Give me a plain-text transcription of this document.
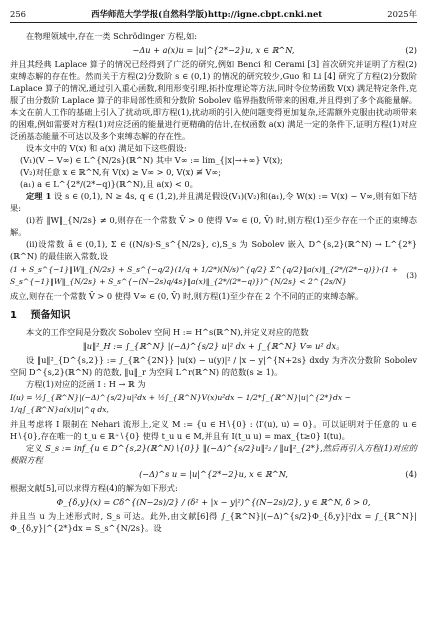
256	西华师范大学学报(自然科学版)http://igne.cbpt.cnki.net	2025年

在物理领域中,存在一类 Schrödinger 方程,如:

−Δu + a(x)u = |u|^{2*−2}u, x ∈ ℝ^N,	(2)

并且其经典 Laplace 算子的情况已经得到了广泛的研究,例如 Benci 和 Cerami [3] 首次研究并证明了方程(2)束缚态解的存在性。然而关于方程(2)分数阶 s ∈ (0,1) 的情况的研究较少,Guo 和 Li [4] 研究了方程(2)分数阶 Laplace 算子的情况,通过引入重心函数,利用形变引理,拓扑度理论等方法,同时令位势函数 V(x) 满足特定条件,克服了由分数阶 Laplace 算子的非局部性质和分数阶 Sobolev 临界指数所带来的困难,并且得到了多个高能量解。本文在前人工作的基础上引入了扰动项,即方程(1),扰动项的引入使问题变得更加复杂,还需额外克服由扰动项带来的困难,例如需要对方程(1)对应泛函的能量进行更精确的估计,在权函数 a(x) 满足一定的条件下,证明方程(1)对应泛函基态能量不可达以及多个束缚态解的存在性。

设本文中的 V(x) 和 a(x) 满足如下这些假设:

(V₁)(V − V∞) ∈ L^{N/2s}(ℝ^N) 其中 V∞ := lim_{|x|→+∞} V(x);

(V₂)对任意 x ∈ ℝ^N,有 V(x) ≥ V∞ > 0, V(x) ≢ V∞;

(a₁) a ∈ L^{2*/(2*−q)}(ℝ^N),且 a(x) < 0。

定理 1 设 s ∈ (0,1), N ≥ 4s, q ∈ (1,2),并且满足假设(V₁)(V₂)和(a₁),令 W(x) := V(x) − V∞,则有如下结果:

(i)若 ‖W‖_{N/2s} ≠ 0,则存在一个常数 V̄ > 0 使得 V∞ ∈ (0, V̄) 时,则方程(1)至少存在一个正的束缚态解。

(ii)设常数 ā ∈ (0,1), Σ ∈ ((N/s)·S_s^{N/2s}, c),S_s 为 Sobolev 嵌入 D^{s,2}(ℝ^N) → L^{2*}(ℝ^N) 的最佳嵌入常数,设

(1 + S_s^{−1}‖W‖_{N/2s} + S_s^{−q/2}(1/q + 1/2*)(N/s)^{q/2} Σ^{q/2}‖a(x)‖_{2*/(2*−q)})·(1 + S_s^{−1}‖W‖_{N/2s} + S_s^{−(N−2s)q/4s}‖a(x)‖_{2*/(2*−q)})^{N/2s} < 2^{2s/N}
(3)

成立,则存在一个常数 V̄ > 0 使得 V∞ ∈ (0, V̄) 时,则方程(1)至少存在 2 个不同的正的束缚态解。

1 预备知识

本文的工作空间是分数次 Sobolev 空间 H := H^s(ℝ^N),并定义对应的范数

‖u‖²_H := ∫_{ℝ^N} |(−Δ)^{s/2} u|² dx + ∫_{ℝ^N} V∞ u² dx。

设 ‖u‖²_{D^{s,2}} := ∫_{ℝ^{2N}} |u(x) − u(y)|² / |x − y|^{N+2s} dxdy 为齐次分数阶 Sobolev 空间 D^{s,2}(ℝ^N) 的范数, ‖u‖_r 为空间 L^r(ℝ^N) 的范数(s ≥ 1)。

方程(1)对应的泛函 I : H → ℝ 为

I(u) = ½∫_{ℝ^N}|(−Δ)^{s/2}u|²dx + ½∫_{ℝ^N}V(x)u²dx − 1/2*∫_{ℝ^N}|u|^{2*}dx − 1/q∫_{ℝ^N}a(x)|u|^q dx,

并且考虑将 I 限制在 Nehari 流形上,定义 M := {u ∈ H∖{0} : ⟨I′(u), u⟩ = 0}。可以证明对于任意的 u ∈ H∖{0},存在唯一的 t_u ∈ ℝ⁺∖{0} 使得 t_u u ∈ M,并且有 I(t_u u) = max_{t≥0} I(tu)。

定义 S_s := inf_{u ∈ D^{s,2}(ℝ^N)∖{0}} ‖(−Δ)^{s/2}u‖²₂ / ‖u‖²_{2*},然后再引入方程(1)对应的极限方程

(−Δ)^s u = |u|^{2*−2}u, x ∈ ℝ^N,	(4)

根据文献[5],可以求得方程(4)的解为如下形式:

Φ_{δ,y}(x) = Cδ^{(N−2s)/2} / (δ² + |x − y|²)^{(N−2s)/2}, y ∈ ℝ^N, δ > 0,

并且当 u 为上述形式时, S_s 可达。此外,由文献[6]得 ∫_{ℝ^N}|(−Δ)^{s/2}Φ_{δ,y}|²dx = ∫_{ℝ^N}|Φ_{δ,y}|^{2*}dx = S_s^{N/2s}。设
